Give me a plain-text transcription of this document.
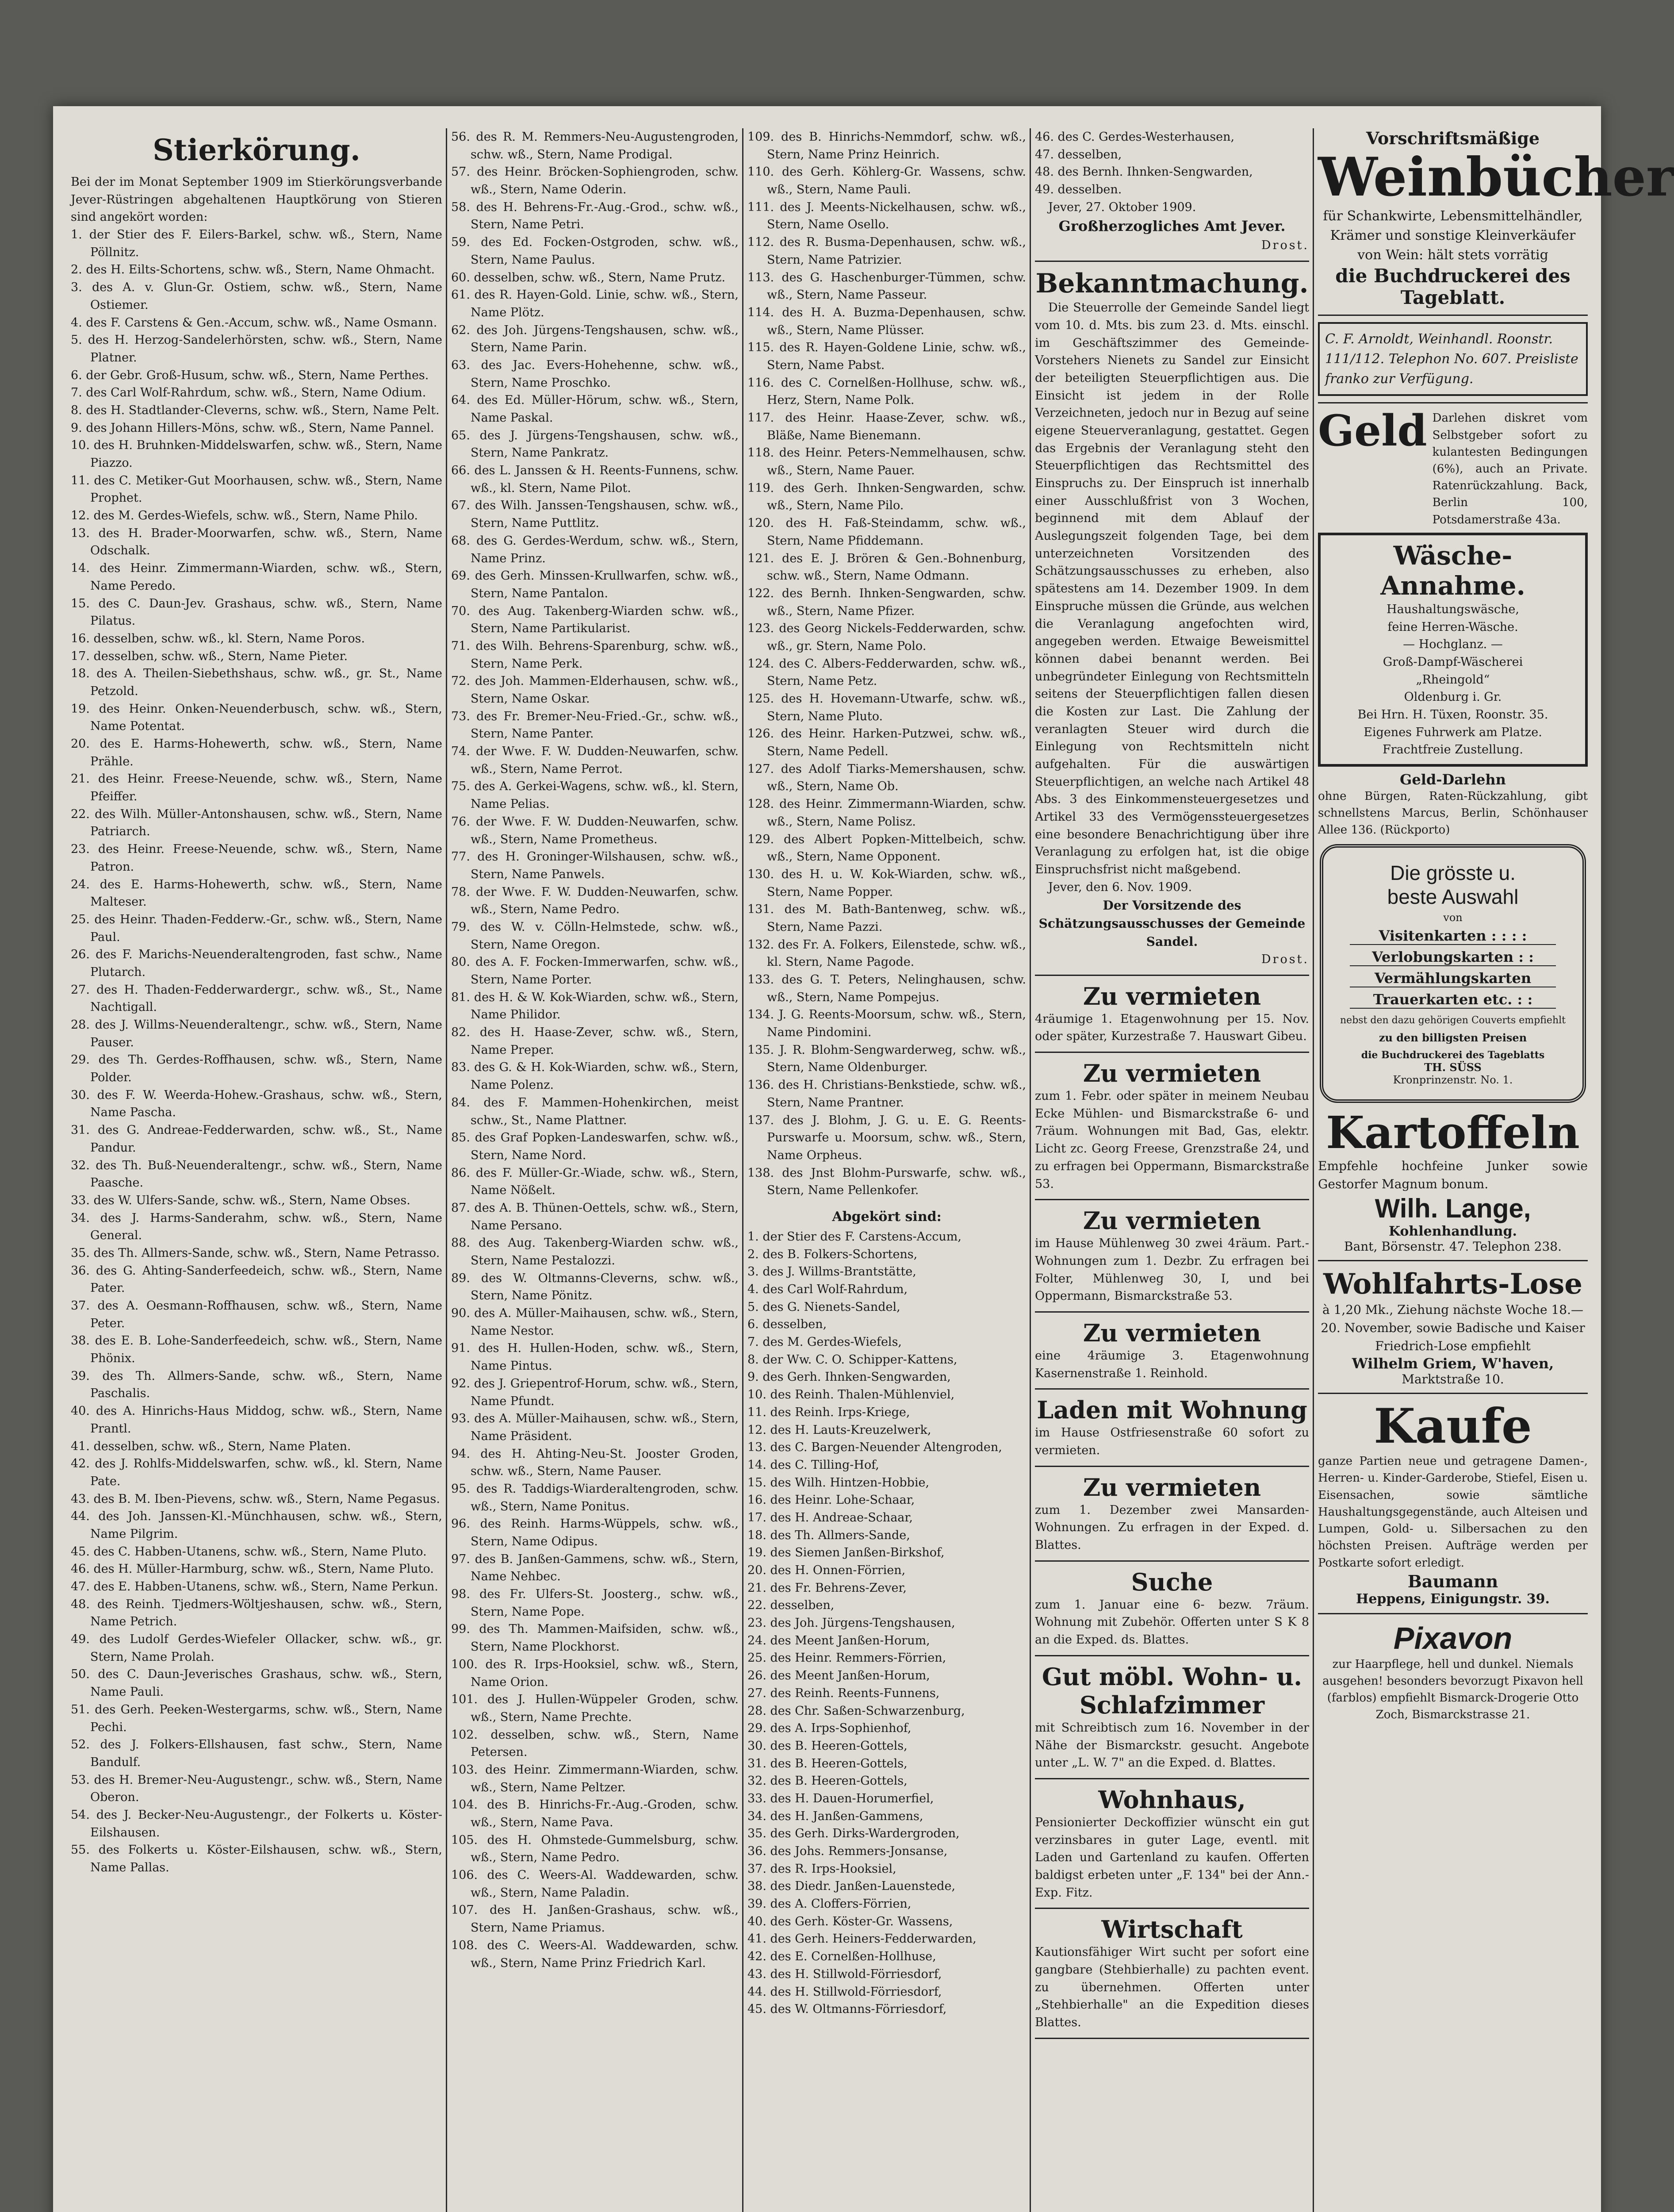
Stierkörung.

Bei der im Monat September 1909 im Stierkörungsverbande Jever-Rüstringen abgehaltenen Hauptkörung von Stieren sind angekört worden:

1. der Stier des F. Eilers-Barkel, schw. wß., Stern, Name Pöllnitz.

2. des H. Eilts-Schortens, schw. wß., Stern, Name Ohmacht.

3. des A. v. Glun-Gr. Ostiem, schw. wß., Stern, Name Ostiemer.

4. des F. Carstens & Gen.-Accum, schw. wß., Name Osmann.

5. des H. Herzog-Sandelerhörsten, schw. wß., Stern, Name Platner.

6. der Gebr. Groß-Husum, schw. wß., Stern, Name Perthes.

7. des Carl Wolf-Rahrdum, schw. wß., Stern, Name Odium.

8. des H. Stadtlander-Cleverns, schw. wß., Stern, Name Pelt.

9. des Johann Hillers-Möns, schw. wß., Stern, Name Pannel.

10. des H. Bruhnken-Middelswarfen, schw. wß., Stern, Name Piazzo.

11. des C. Metiker-Gut Moorhausen, schw. wß., Stern, Name Prophet.

12. des M. Gerdes-Wiefels, schw. wß., Stern, Name Philo.

13. des H. Brader-Moorwarfen, schw. wß., Stern, Name Odschalk.

14. des Heinr. Zimmermann-Wiarden, schw. wß., Stern, Name Peredo.

15. des C. Daun-Jev. Grashaus, schw. wß., Stern, Name Pilatus.

16. desselben, schw. wß., kl. Stern, Name Poros.

17. desselben, schw. wß., Stern, Name Pieter.

18. des A. Theilen-Siebethshaus, schw. wß., gr. St., Name Petzold.

19. des Heinr. Onken-Neuenderbusch, schw. wß., Stern, Name Potentat.

20. des E. Harms-Hohewerth, schw. wß., Stern, Name Prähle.

21. des Heinr. Freese-Neuende, schw. wß., Stern, Name Pfeiffer.

22. des Wilh. Müller-Antonshausen, schw. wß., Stern, Name Patriarch.

23. des Heinr. Freese-Neuende, schw. wß., Stern, Name Patron.

24. des E. Harms-Hohewerth, schw. wß., Stern, Name Malteser.

25. des Heinr. Thaden-Fedderw.-Gr., schw. wß., Stern, Name Paul.

26. des F. Marichs-Neuenderaltengroden, fast schw., Name Plutarch.

27. des H. Thaden-Fedderwardergr., schw. wß., St., Name Nachtigall.

28. des J. Willms-Neuenderaltengr., schw. wß., Stern, Name Pauser.

29. des Th. Gerdes-Roffhausen, schw. wß., Stern, Name Polder.

30. des F. W. Weerda-Hohew.-Grashaus, schw. wß., Stern, Name Pascha.

31. des G. Andreae-Fedderwarden, schw. wß., St., Name Pandur.

32. des Th. Buß-Neuenderaltengr., schw. wß., Stern, Name Paasche.

33. des W. Ulfers-Sande, schw. wß., Stern, Name Obses.

34. des J. Harms-Sanderahm, schw. wß., Stern, Name General.

35. des Th. Allmers-Sande, schw. wß., Stern, Name Petrasso.

36. des G. Ahting-Sanderfeedeich, schw. wß., Stern, Name Pater.

37. des A. Oesmann-Roffhausen, schw. wß., Stern, Name Peter.

38. des E. B. Lohe-Sanderfeedeich, schw. wß., Stern, Name Phönix.

39. des Th. Allmers-Sande, schw. wß., Stern, Name Paschalis.

40. des A. Hinrichs-Haus Middog, schw. wß., Stern, Name Prantl.

41. desselben, schw. wß., Stern, Name Platen.

42. des J. Rohlfs-Middelswarfen, schw. wß., kl. Stern, Name Pate.

43. des B. M. Iben-Pievens, schw. wß., Stern, Name Pegasus.

44. des Joh. Janssen-Kl.-Münchhausen, schw. wß., Stern, Name Pilgrim.

45. des C. Habben-Utanens, schw. wß., Stern, Name Pluto.

46. des H. Müller-Harmburg, schw. wß., Stern, Name Pluto.

47. des E. Habben-Utanens, schw. wß., Stern, Name Perkun.

48. des Reinh. Tjedmers-Wöltjeshausen, schw. wß., Stern, Name Petrich.

49. des Ludolf Gerdes-Wiefeler Ollacker, schw. wß., gr. Stern, Name Prolah.

50. des C. Daun-Jeverisches Grashaus, schw. wß., Stern, Name Pauli.

51. des Gerh. Peeken-Westergarms, schw. wß., Stern, Name Pechi.

52. des J. Folkers-Ellshausen, fast schw., Stern, Name Bandulf.

53. des H. Bremer-Neu-Augustengr., schw. wß., Stern, Name Oberon.

54. des J. Becker-Neu-Augustengr., der Folkerts u. Köster-Eilshausen.

55. des Folkerts u. Köster-Eilshausen, schw. wß., Stern, Name Pallas.

56. des R. M. Remmers-Neu-Augustengroden, schw. wß., Stern, Name Prodigal.

57. des Heinr. Bröcken-Sophiengroden, schw. wß., Stern, Name Oderin.

58. des H. Behrens-Fr.-Aug.-Grod., schw. wß., Stern, Name Petri.

59. des Ed. Focken-Ostgroden, schw. wß., Stern, Name Paulus.

60. desselben, schw. wß., Stern, Name Prutz.

61. des R. Hayen-Gold. Linie, schw. wß., Stern, Name Plötz.

62. des Joh. Jürgens-Tengshausen, schw. wß., Stern, Name Parin.

63. des Jac. Evers-Hohehenne, schw. wß., Stern, Name Proschko.

64. des Ed. Müller-Hörum, schw. wß., Stern, Name Paskal.

65. des J. Jürgens-Tengshausen, schw. wß., Stern, Name Pankratz.

66. des L. Janssen & H. Reents-Funnens, schw. wß., kl. Stern, Name Pilot.

67. des Wilh. Janssen-Tengshausen, schw. wß., Stern, Name Puttlitz.

68. des G. Gerdes-Werdum, schw. wß., Stern, Name Prinz.

69. des Gerh. Minssen-Krullwarfen, schw. wß., Stern, Name Pantalon.

70. des Aug. Takenberg-Wiarden schw. wß., Stern, Name Partikularist.

71. des Wilh. Behrens-Sparenburg, schw. wß., Stern, Name Perk.

72. des Joh. Mammen-Elderhausen, schw. wß., Stern, Name Oskar.

73. des Fr. Bremer-Neu-Fried.-Gr., schw. wß., Stern, Name Panter.

74. der Wwe. F. W. Dudden-Neuwarfen, schw. wß., Stern, Name Perrot.

75. des A. Gerkei-Wagens, schw. wß., kl. Stern, Name Pelias.

76. der Wwe. F. W. Dudden-Neuwarfen, schw. wß., Stern, Name Prometheus.

77. des H. Groninger-Wilshausen, schw. wß., Stern, Name Panwels.

78. der Wwe. F. W. Dudden-Neuwarfen, schw. wß., Stern, Name Pedro.

79. des W. v. Cölln-Helmstede, schw. wß., Stern, Name Oregon.

80. des A. F. Focken-Immerwarfen, schw. wß., Stern, Name Porter.

81. des H. & W. Kok-Wiarden, schw. wß., Stern, Name Philidor.

82. des H. Haase-Zever, schw. wß., Stern, Name Preper.

83. des G. & H. Kok-Wiarden, schw. wß., Stern, Name Polenz.

84. des F. Mammen-Hohenkirchen, meist schw., St., Name Plattner.

85. des Graf Popken-Landeswarfen, schw. wß., Stern, Name Nord.

86. des F. Müller-Gr.-Wiade, schw. wß., Stern, Name Nößelt.

87. des A. B. Thünen-Oettels, schw. wß., Stern, Name Persano.

88. des Aug. Takenberg-Wiarden schw. wß., Stern, Name Pestalozzi.

89. des W. Oltmanns-Cleverns, schw. wß., Stern, Name Pönitz.

90. des A. Müller-Maihausen, schw. wß., Stern, Name Nestor.

91. des H. Hullen-Hoden, schw. wß., Stern, Name Pintus.

92. des J. Griepentrof-Horum, schw. wß., Stern, Name Pfundt.

93. des A. Müller-Maihausen, schw. wß., Stern, Name Präsident.

94. des H. Ahting-Neu-St. Jooster Groden, schw. wß., Stern, Name Pauser.

95. des R. Taddigs-Wiarderaltengroden, schw. wß., Stern, Name Ponitus.

96. des Reinh. Harms-Wüppels, schw. wß., Stern, Name Odipus.

97. des B. Janßen-Gammens, schw. wß., Stern, Name Nehbec.

98. des Fr. Ulfers-St. Joosterg., schw. wß., Stern, Name Pope.

99. des Th. Mammen-Maifsiden, schw. wß., Stern, Name Plockhorst.

100. des R. Irps-Hooksiel, schw. wß., Stern, Name Orion.

101. des J. Hullen-Wüppeler Groden, schw. wß., Stern, Name Prechte.

102. desselben, schw. wß., Stern, Name Petersen.

103. des Heinr. Zimmermann-Wiarden, schw. wß., Stern, Name Peltzer.

104. des B. Hinrichs-Fr.-Aug.-Groden, schw. wß., Stern, Name Pava.

105. des H. Ohmstede-Gummelsburg, schw. wß., Stern, Name Pedro.

106. des C. Weers-Al. Waddewarden, schw. wß., Stern, Name Paladin.

107. des H. Janßen-Grashaus, schw. wß., Stern, Name Priamus.

108. des C. Weers-Al. Waddewarden, schw. wß., Stern, Name Prinz Friedrich Karl.

109. des B. Hinrichs-Nemmdorf, schw. wß., Stern, Name Prinz Heinrich.

110. des Gerh. Köhlerg-Gr. Wassens, schw. wß., Stern, Name Pauli.

111. des J. Meents-Nickelhausen, schw. wß., Stern, Name Osello.

112. des R. Busma-Depenhausen, schw. wß., Stern, Name Patrizier.

113. des G. Haschenburger-Tümmen, schw. wß., Stern, Name Passeur.

114. des H. A. Buzma-Depenhausen, schw. wß., Stern, Name Plüsser.

115. des R. Hayen-Goldene Linie, schw. wß., Stern, Name Pabst.

116. des C. Cornelßen-Hollhuse, schw. wß., Herz, Stern, Name Polk.

117. des Heinr. Haase-Zever, schw. wß., Bläße, Name Bienemann.

118. des Heinr. Peters-Nemmelhausen, schw. wß., Stern, Name Pauer.

119. des Gerh. Ihnken-Sengwarden, schw. wß., Stern, Name Pilo.

120. des H. Faß-Steindamm, schw. wß., Stern, Name Pfiddemann.

121. des E. J. Brören & Gen.-Bohnenburg, schw. wß., Stern, Name Odmann.

122. des Bernh. Ihnken-Sengwarden, schw. wß., Stern, Name Pfizer.

123. des Georg Nickels-Fedderwarden, schw. wß., gr. Stern, Name Polo.

124. des C. Albers-Fedderwarden, schw. wß., Stern, Name Petz.

125. des H. Hovemann-Utwarfe, schw. wß., Stern, Name Pluto.

126. des Heinr. Harken-Putzwei, schw. wß., Stern, Name Pedell.

127. des Adolf Tiarks-Memershausen, schw. wß., Stern, Name Ob.

128. des Heinr. Zimmermann-Wiarden, schw. wß., Stern, Name Polisz.

129. des Albert Popken-Mittelbeich, schw. wß., Stern, Name Opponent.

130. des H. u. W. Kok-Wiarden, schw. wß., Stern, Name Popper.

131. des M. Bath-Bantenweg, schw. wß., Stern, Name Pazzi.

132. des Fr. A. Folkers, Eilenstede, schw. wß., kl. Stern, Name Pagode.

133. des G. T. Peters, Nelinghausen, schw. wß., Stern, Name Pompejus.

134. J. G. Reents-Moorsum, schw. wß., Stern, Name Pindomini.

135. J. R. Blohm-Sengwarderweg, schw. wß., Stern, Name Oldenburger.

136. des H. Christians-Benkstiede, schw. wß., Stern, Name Prantner.

137. des J. Blohm, J. G. u. E. G. Reents-Purswarfe u. Moorsum, schw. wß., Stern, Name Orpheus.

138. des Jnst Blohm-Purswarfe, schw. wß., Stern, Name Pellenkofer.

Abgekört sind:

1. der Stier des F. Carstens-Accum,

2. des B. Folkers-Schortens,

3. des J. Willms-Brantstätte,

4. des Carl Wolf-Rahrdum,

5. des G. Nienets-Sandel,

6. desselben,

7. des M. Gerdes-Wiefels,

8. der Ww. C. O. Schipper-Kattens,

9. des Gerh. Ihnken-Sengwarden,

10. des Reinh. Thalen-Mühlenviel,

11. des Reinh. Irps-Kriege,

12. des H. Lauts-Kreuzelwerk,

13. des C. Bargen-Neuender Altengroden,

14. des C. Tilling-Hof,

15. des Wilh. Hintzen-Hobbie,

16. des Heinr. Lohe-Schaar,

17. des H. Andreae-Schaar,

18. des Th. Allmers-Sande,

19. des Siemen Janßen-Birkshof,

20. des H. Onnen-Förrien,

21. des Fr. Behrens-Zever,

22. desselben,

23. des Joh. Jürgens-Tengshausen,

24. des Meent Janßen-Horum,

25. des Heinr. Remmers-Förrien,

26. des Meent Janßen-Horum,

27. des Reinh. Reents-Funnens,

28. des Chr. Saßen-Schwarzenburg,

29. des A. Irps-Sophienhof,

30. des B. Heeren-Gottels,

31. des B. Heeren-Gottels,

32. des B. Heeren-Gottels,

33. des H. Dauen-Horumerfiel,

34. des H. Janßen-Gammens,

35. des Gerh. Dirks-Wardergroden,

36. des Johs. Remmers-Jonsanse,

37. des R. Irps-Hooksiel,

38. des Diedr. Janßen-Lauenstede,

39. des A. Cloffers-Förrien,

40. des Gerh. Köster-Gr. Wassens,

41. des Gerh. Heiners-Fedderwarden,

42. des E. Cornelßen-Hollhuse,

43. des H. Stillwold-Förriesdorf,

44. des H. Stillwold-Förriesdorf,

45. des W. Oltmanns-Förriesdorf,

46. des C. Gerdes-Westerhausen,

47. desselben,

48. des Bernh. Ihnken-Sengwarden,

49. desselben.

Jever, 27. Oktober 1909.

Großherzogliches Amt Jever.

Drost.

Bekanntmachung.

Die Steuerrolle der Gemeinde Sandel liegt vom 10. d. Mts. bis zum 23. d. Mts. einschl. im Geschäftszimmer des Gemeinde-Vorstehers Nienets zu Sandel zur Einsicht der beteiligten Steuerpflichtigen aus. Die Einsicht ist jedem in der Rolle Verzeichneten, jedoch nur in Bezug auf seine eigene Steuerveranlagung, gestattet. Gegen das Ergebnis der Veranlagung steht den Steuerpflichtigen das Rechtsmittel des Einspruchs zu. Der Einspruch ist innerhalb einer Ausschlußfrist von 3 Wochen, beginnend mit dem Ablauf der Auslegungszeit folgenden Tage, bei dem unterzeichneten Vorsitzenden des Schätzungsausschusses zu erheben, also spätestens am 14. Dezember 1909. In dem Einspruche müssen die Gründe, aus welchen die Veranlagung angefochten wird, angegeben werden. Etwaige Beweismittel können dabei benannt werden. Bei unbegründeter Einlegung von Rechtsmitteln seitens der Steuerpflichtigen fallen diesen die Kosten zur Last. Die Zahlung der veranlagten Steuer wird durch die Einlegung von Rechtsmitteln nicht aufgehalten. Für die auswärtigen Steuerpflichtigen, an welche nach Artikel 48 Abs. 3 des Einkommensteuergesetzes und Artikel 33 des Vermögenssteuergesetzes eine besondere Benachrichtigung über ihre Veranlagung zu erfolgen hat, ist die obige Einspruchsfrist nicht maßgebend.

Jever, den 6. Nov. 1909.

Der Vorsitzende des Schätzungsausschusses der Gemeinde Sandel.

Drost.

Zu vermieten

4räumige 1. Etagenwohnung per 15. Nov. oder später, Kurzestraße 7. Hauswart Gibeu.

Zu vermieten

zum 1. Febr. oder später in meinem Neubau Ecke Mühlen- und Bismarckstraße 6- und 7räum. Wohnungen mit Bad, Gas, elektr. Licht zc. Georg Freese, Grenzstraße 24, und zu erfragen bei Oppermann, Bismarckstraße 53.

Zu vermieten

im Hause Mühlenweg 30 zwei 4räum. Part.-Wohnungen zum 1. Dezbr. Zu erfragen bei Folter, Mühlenweg 30, I, und bei Oppermann, Bismarckstraße 53.

Zu vermieten

eine 4räumige 3. Etagenwohnung Kasernenstraße 1. Reinhold.

Laden mit Wohnung

im Hause Ostfriesenstraße 60 sofort zu vermieten.

Zu vermieten

zum 1. Dezember zwei Mansarden-Wohnungen. Zu erfragen in der Exped. d. Blattes.

Suche

zum 1. Januar eine 6- bezw. 7räum. Wohnung mit Zubehör. Offerten unter S K 8 an die Exped. ds. Blattes.

Gut möbl. Wohn- u. Schlafzimmer

mit Schreibtisch zum 16. November in der Nähe der Bismarckstr. gesucht. Angebote unter „L. W. 7" an die Exped. d. Blattes.

Wohnhaus,

Pensionierter Deckoffizier wünscht ein gut verzinsbares in guter Lage, eventl. mit Laden und Gartenland zu kaufen. Offerten baldigst erbeten unter „F. 134" bei der Ann.-Exp. Fitz.

Wirtschaft

Kautionsfähiger Wirt sucht per sofort eine gangbare (Stehbierhalle) zu pachten event. zu übernehmen. Offerten unter „Stehbierhalle" an die Expedition dieses Blattes.

Vorschriftsmäßige
Weinbücher

für Schankwirte, Lebensmittelhändler, Krämer und sonstige Kleinverkäufer von Wein: hält stets vorrätig

die Buchdruckerei des Tageblatt.
C. F. Arnoldt, Weinhandl. Roonstr. 111/112. Telephon No. 607. Preisliste franko zur Verfügung.
Geld Darlehen diskret vom Selbstgeber sofort zu kulantesten Bedingungen (6%), auch an Private. Ratenrückzahlung. Back, Berlin 100, Potsdamerstraße 43a.

Wäsche-Annahme.

Haushaltungswäsche,

feine Herren-Wäsche.

— Hochglanz. —

Groß-Dampf-Wäscherei

„Rheingold“

Oldenburg i. Gr.

Bei Hrn. H. Tüxen, Roonstr. 35.

Eigenes Fuhrwerk am Platze.

Frachtfreie Zustellung.

Geld-Darlehn

ohne Bürgen, Raten-Rückzahlung, gibt schnellstens Marcus, Berlin, Schönhauser Allee 136. (Rückporto)

Die grösste u.
beste Auswahl
von
Visitenkarten : : : :
Verlobungskarten : :
Vermählungskarten
Trauerkarten etc. : :
nebst den dazu gehörigen Couverts empfiehlt
zu den billigsten Preisen
die Buchdruckerei des Tageblatts
TH. SÜSS
Kronprinzenstr. No. 1.
Kartoffeln

Empfehle hochfeine Junker sowie Gestorfer Magnum bonum.

Wilh. Lange,
Kohlenhandlung.
Bant, Börsenstr. 47. Telephon 238.
Wohlfahrts-Lose

à 1,20 Mk., Ziehung nächste Woche 18.—20. November, sowie Badische und Kaiser Friedrich-Lose empfiehlt

Wilhelm Griem, W'haven,
Marktstraße 10.
Kaufe

ganze Partien neue und getragene Damen-, Herren- u. Kinder-Garderobe, Stiefel, Eisen u. Eisensachen, sowie sämtliche Haushaltungsgegenstände, auch Alteisen und Lumpen, Gold- u. Silbersachen zu den höchsten Preisen. Aufträge werden per Postkarte sofort erledigt.

Baumann
Heppens, Einigungstr. 39.
Pixavon

zur Haarpflege, hell und dunkel. Niemals ausgehen! besonders bevorzugt Pixavon hell (farblos) empfiehlt Bismarck-Drogerie Otto Zoch, Bismarckstrasse 21.
